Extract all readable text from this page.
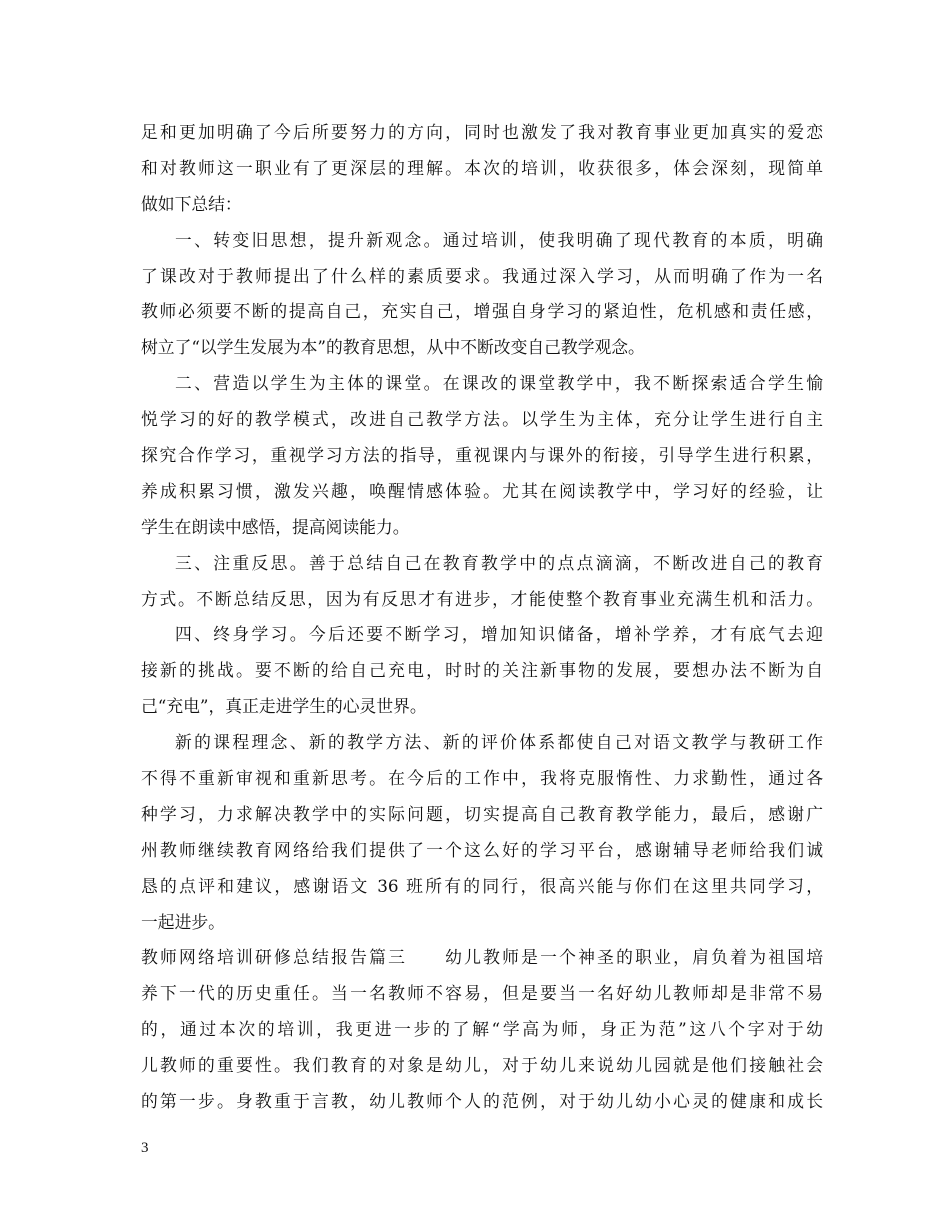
足和更加明确了今后所要努力的方向，同时也激发了我对教育事业更加真实的爱恋
和对教师这一职业有了更深层的理解。本次的培训，收获很多，体会深刻，现简单
做如下总结：
一、转变旧思想，提升新观念。通过培训，使我明确了现代教育的本质，明确
了课改对于教师提出了什么样的素质要求。我通过深入学习，从而明确了作为一名
教师必须要不断的提高自己，充实自己，增强自身学习的紧迫性，危机感和责任感，
树立了“以学生发展为本”的教育思想，从中不断改变自己教学观念。
二、营造以学生为主体的课堂。在课改的课堂教学中，我不断探索适合学生愉
悦学习的好的教学模式，改进自己教学方法。以学生为主体，充分让学生进行自主
探究合作学习，重视学习方法的指导，重视课内与课外的衔接，引导学生进行积累，
养成积累习惯，激发兴趣，唤醒情感体验。尤其在阅读教学中，学习好的经验，让
学生在朗读中感悟，提高阅读能力。
三、注重反思。善于总结自己在教育教学中的点点滴滴，不断改进自己的教育
方式。不断总结反思，因为有反思才有进步，才能使整个教育事业充满生机和活力。
四、终身学习。今后还要不断学习，增加知识储备，增补学养，才有底气去迎
接新的挑战。要不断的给自己充电，时时的关注新事物的发展，要想办法不断为自
己“充电”，真正走进学生的心灵世界。
新的课程理念、新的教学方法、新的评价体系都使自己对语文教学与教研工作
不得不重新审视和重新思考。在今后的工作中，我将克服惰性、力求勤性，通过各
种学习，力求解决教学中的实际问题，切实提高自己教育教学能力，最后，感谢广
州教师继续教育网络给我们提供了一个这么好的学习平台，感谢辅导老师给我们诚
恳的点评和建议，感谢语文 36 班所有的同行，很高兴能与你们在这里共同学习，
一起进步。
教师网络培训研修总结报告篇三　　幼儿教师是一个神圣的职业，肩负着为祖国培
养下一代的历史重任。当一名教师不容易，但是要当一名好幼儿教师却是非常不易
的，通过本次的培训，我更进一步的了解“学高为师，身正为范”这八个字对于幼
儿教师的重要性。我们教育的对象是幼儿，对于幼儿来说幼儿园就是他们接触社会
的第一步。身教重于言教，幼儿教师个人的范例，对于幼儿幼小心灵的健康和成长
3
